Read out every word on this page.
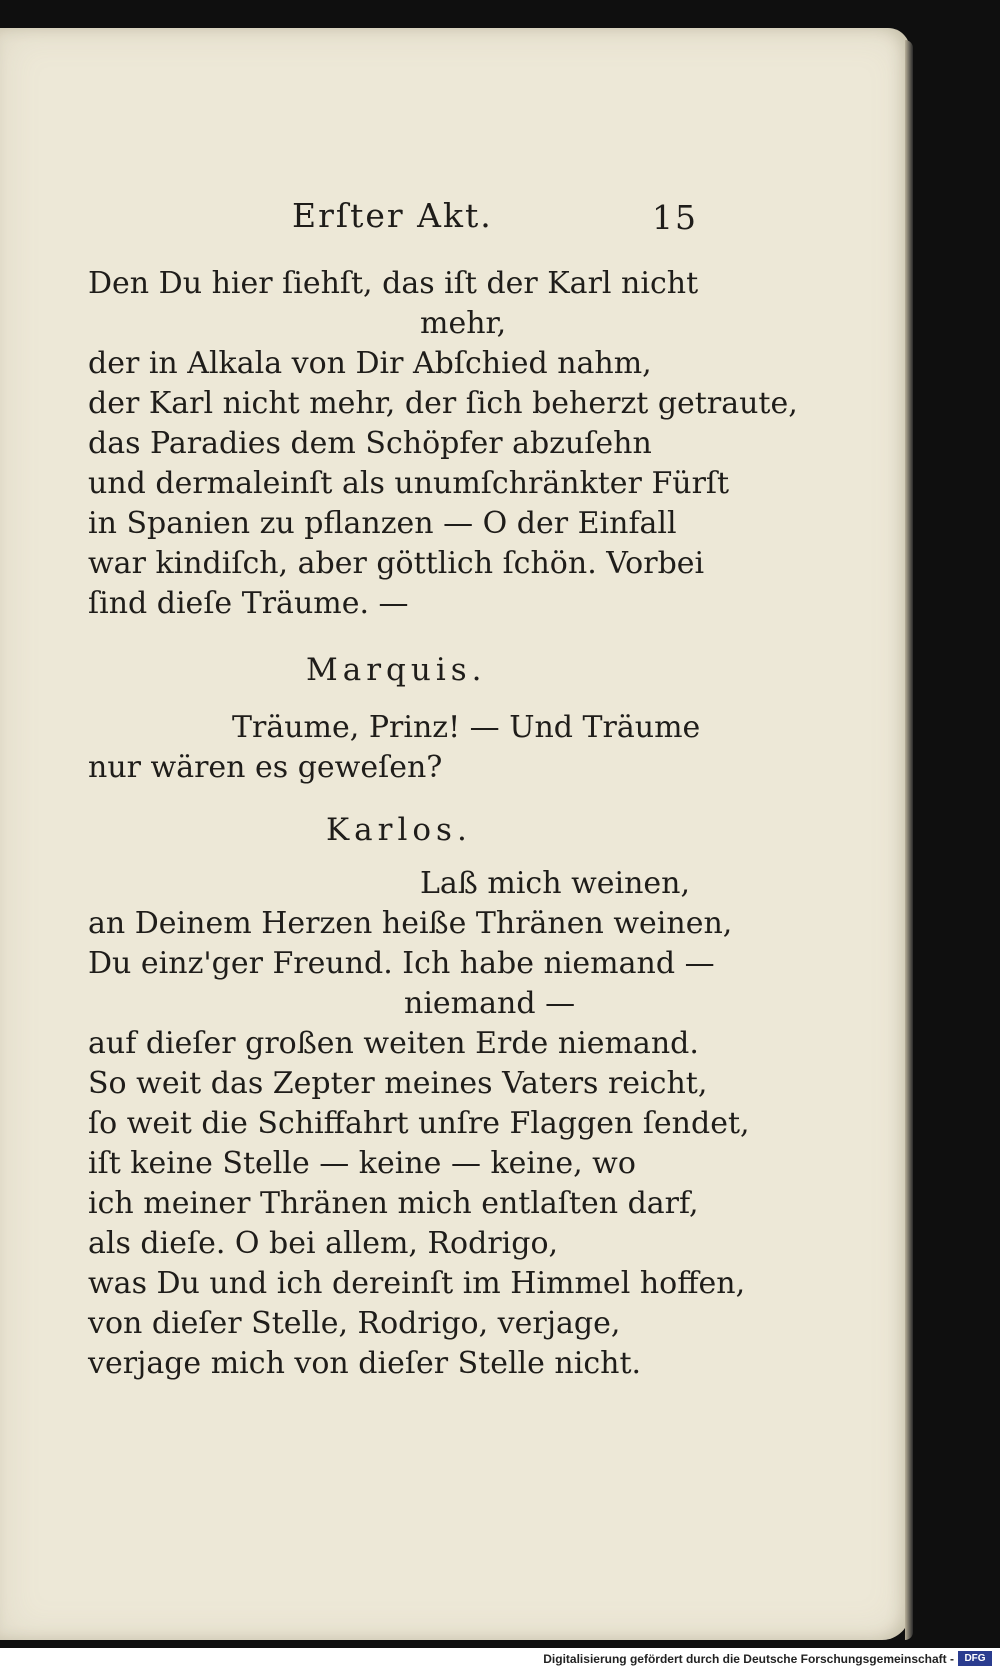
Erſter Akt.	15
Den Du hier ſiehſt, das iſt der Karl nicht
mehr,
der in Alkala von Dir Abſchied nahm,
der Karl nicht mehr, der ſich beherzt getraute,
das Paradies dem Schöpfer abzuſehn
und dermaleinſt als unumſchränkter Fürſt
in Spanien zu pflanzen — O der Einfall
war kindiſch, aber göttlich ſchön. Vorbei
ſind dieſe Träume. —
Marquis.
Träume, Prinz! — Und Träume
nur wären es geweſen?
Karlos.
Laß mich weinen,
an Deinem Herzen heiße Thränen weinen,
Du einz'ger Freund. Ich habe niemand —
niemand —
auf dieſer großen weiten Erde niemand.
So weit das Zepter meines Vaters reicht,
ſo weit die Schiffahrt unſre Flaggen ſendet,
iſt keine Stelle — keine — keine, wo
ich meiner Thränen mich entlaſten darf,
als dieſe. O bei allem, Rodrigo,
was Du und ich dereinſt im Himmel hoffen,
von dieſer Stelle, Rodrigo, verjage,
verjage mich von dieſer Stelle nicht.
Digitalisierung gefördert durch die Deutsche Forschungsgemeinschaft -	DFG
